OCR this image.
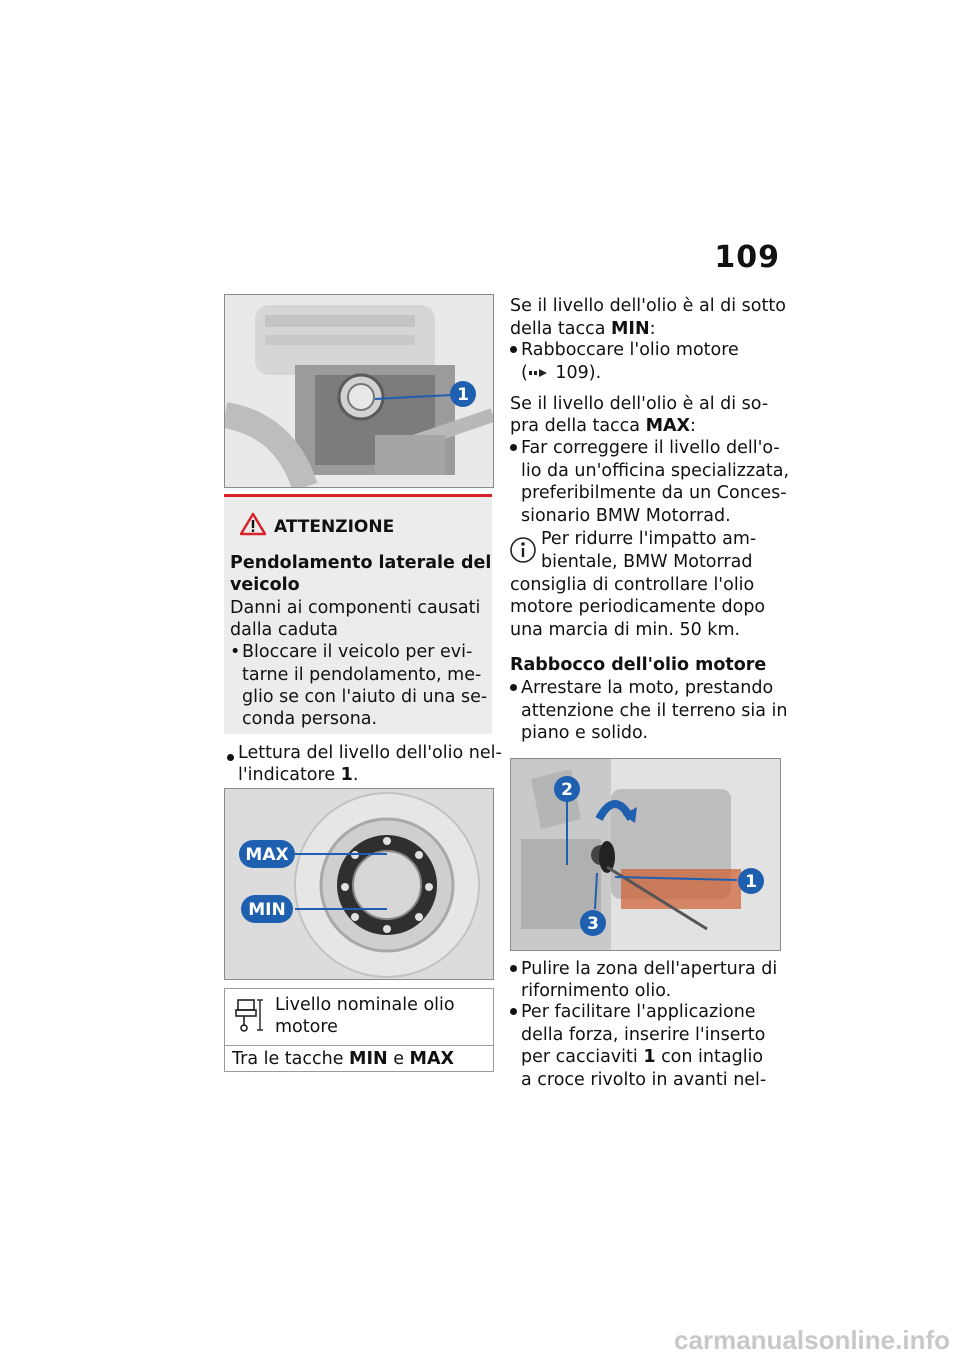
109
1
ATTENZIONE
Pendolamento laterale del
veicolo
Danni ai componenti causati
dalla caduta
• Bloccare il veicolo per evi-
tarne il pendolamento, me-
glio se con l'aiuto di una se-
conda persona.
Lettura del livello dell'olio nel-
l'indicatore 1.
MAX
MIN
Livello nominale olio
motore
Tra le tacche MIN e MAX
Se il livello dell'olio è al di sotto
della tacca MIN:
Rabboccare l'olio motore
( 109).
Se il livello dell'olio è al di so-
pra della tacca MAX:
Far correggere il livello dell'o-
lio da un'officina specializzata,
preferibilmente da un Conces-
sionario BMW Motorrad.
Per ridurre l'impatto am-
bientale, BMW Motorrad
consiglia di controllare l'olio
motore periodicamente dopo
una marcia di min. 50 km.
Rabbocco dell'olio motore
Arrestare la moto, prestando
attenzione che il terreno sia in
piano e solido.
2
3
1
Pulire la zona dell'apertura di
rifornimento olio.
Per facilitare l'applicazione
della forza, inserire l'inserto
per cacciaviti 1 con intaglio
a croce rivolto in avanti nel-
carmanualsonline.info
